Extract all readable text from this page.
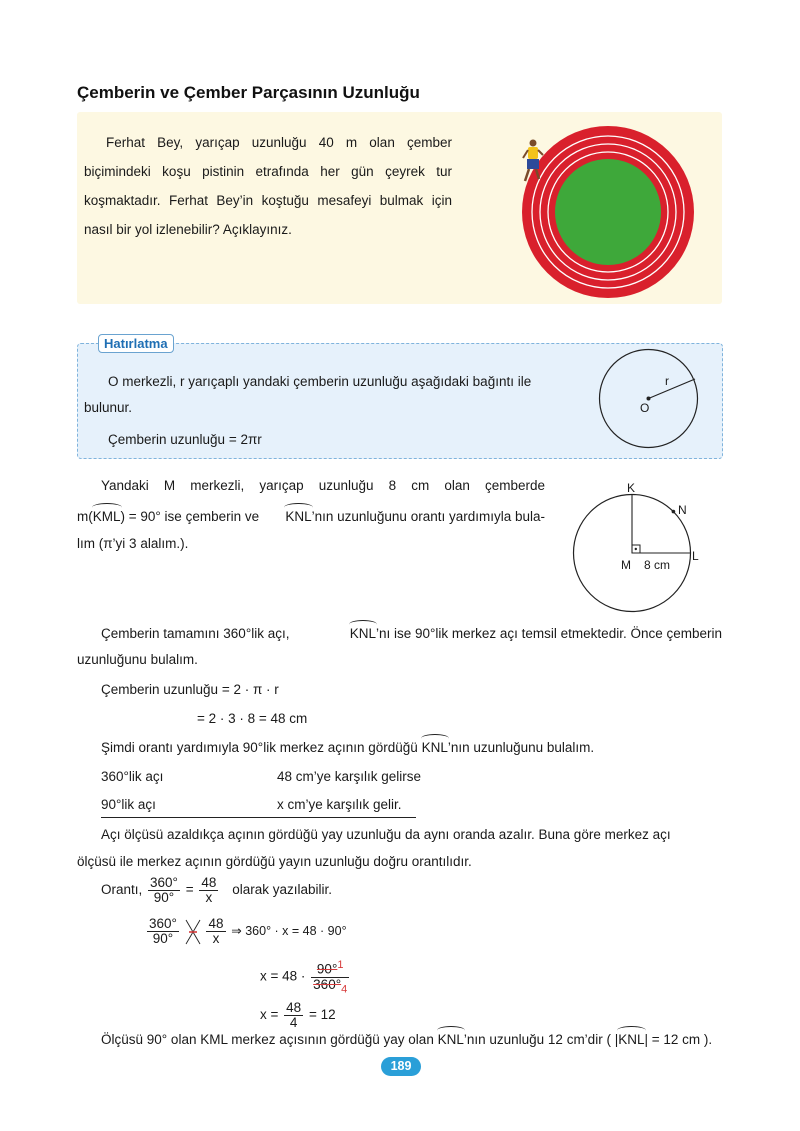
Çemberin ve Çember Parçasının Uzunluğu
Ferhat Bey, yarıçap uzunluğu 40 m olan çember biçimindeki koşu pistinin etrafında her gün çeyrek tur koşmaktadır. Ferhat Bey’in koştuğu mesafeyi bulmak için nasıl bir yol izlenebilir? Açıklayınız.
Hatırlatma
O merkezli, r yarıçaplı yandaki çemberin uzunluğu aşağıdaki bağıntı ile
bulunur.
Çemberin uzunluğu = 2πr
O
r
Yandaki M merkezli, yarıçap uzunluğu 8 cm olan çemberde
m(KML) = 90° ise çemberin ve KNL’nın uzunluğunu orantı yardımıyla bula-
lım (π’yi 3 alalım.).
K
N
L
M 8 cm
Çemberin tamamını 360°lik açı,	KNL’nı ise 90°lik merkez açı temsil etmektedir. Önce çemberin
uzunluğunu bulalım.
Çemberin uzunluğu = 2 · π · r
= 2 · 3 · 8 = 48 cm
Şimdi orantı yardımıyla 90°lik merkez açının gördüğü KNL’nın uzunluğunu bulalım.
360°lik açı	48 cm’ye karşılık gelirse
90°lik açı	x cm’ye karşılık gelir.
Açı ölçüsü azaldıkça açının gördüğü yay uzunluğu da aynı oranda azalır. Buna göre merkez açı
ölçüsü ile merkez açının gördüğü yayın uzunluğu doğru orantılıdır.
Orantı, $\frac{360^\circ}{90^\circ} = \frac{48}{x}$ olarak yazılabilir.
$\frac{360^\circ}{90^\circ}$

$\frac{48}{x}$ ⇒ 360° · x = 48 · 90°
$x = 48 \cdot \frac{90^\circ^1}{360^\circ_4}$
$x = \frac{48}{4} = 12$
Ölçüsü 90° olan KML merkez açısının gördüğü yay olan KNL’nın uzunluğu 12 cm’dir ( |KNL| = 12 cm ).
189
